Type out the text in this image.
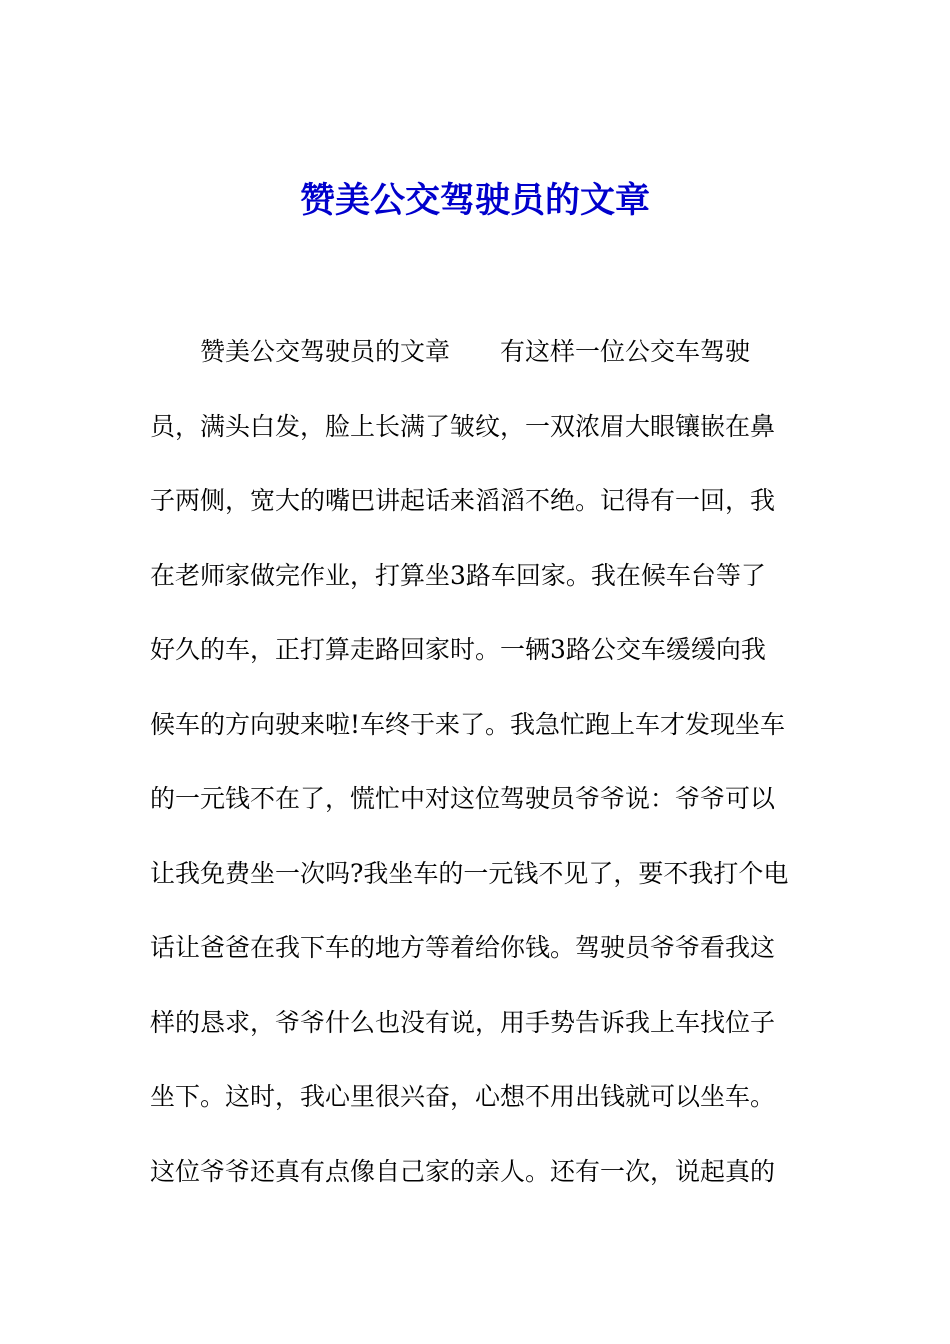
赞美公交驾驶员的文章
　　赞美公交驾驶员的文章　　有这样一位公交车驾驶
员，满头白发，脸上长满了皱纹，一双浓眉大眼镶嵌在鼻
子两侧，宽大的嘴巴讲起话来滔滔不绝。记得有一回，我
在老师家做完作业，打算坐3路车回家。我在候车台等了
好久的车，正打算走路回家时。一辆3路公交车缓缓向我
候车的方向驶来啦!车终于来了。我急忙跑上车才发现坐车
的一元钱不在了，慌忙中对这位驾驶员爷爷说：爷爷可以
让我免费坐一次吗?我坐车的一元钱不见了，要不我打个电
话让爸爸在我下车的地方等着给你钱。驾驶员爷爷看我这
样的恳求，爷爷什么也没有说，用手势告诉我上车找位子
坐下。这时，我心里很兴奋，心想不用出钱就可以坐车。
这位爷爷还真有点像自己家的亲人。还有一次，说起真的
